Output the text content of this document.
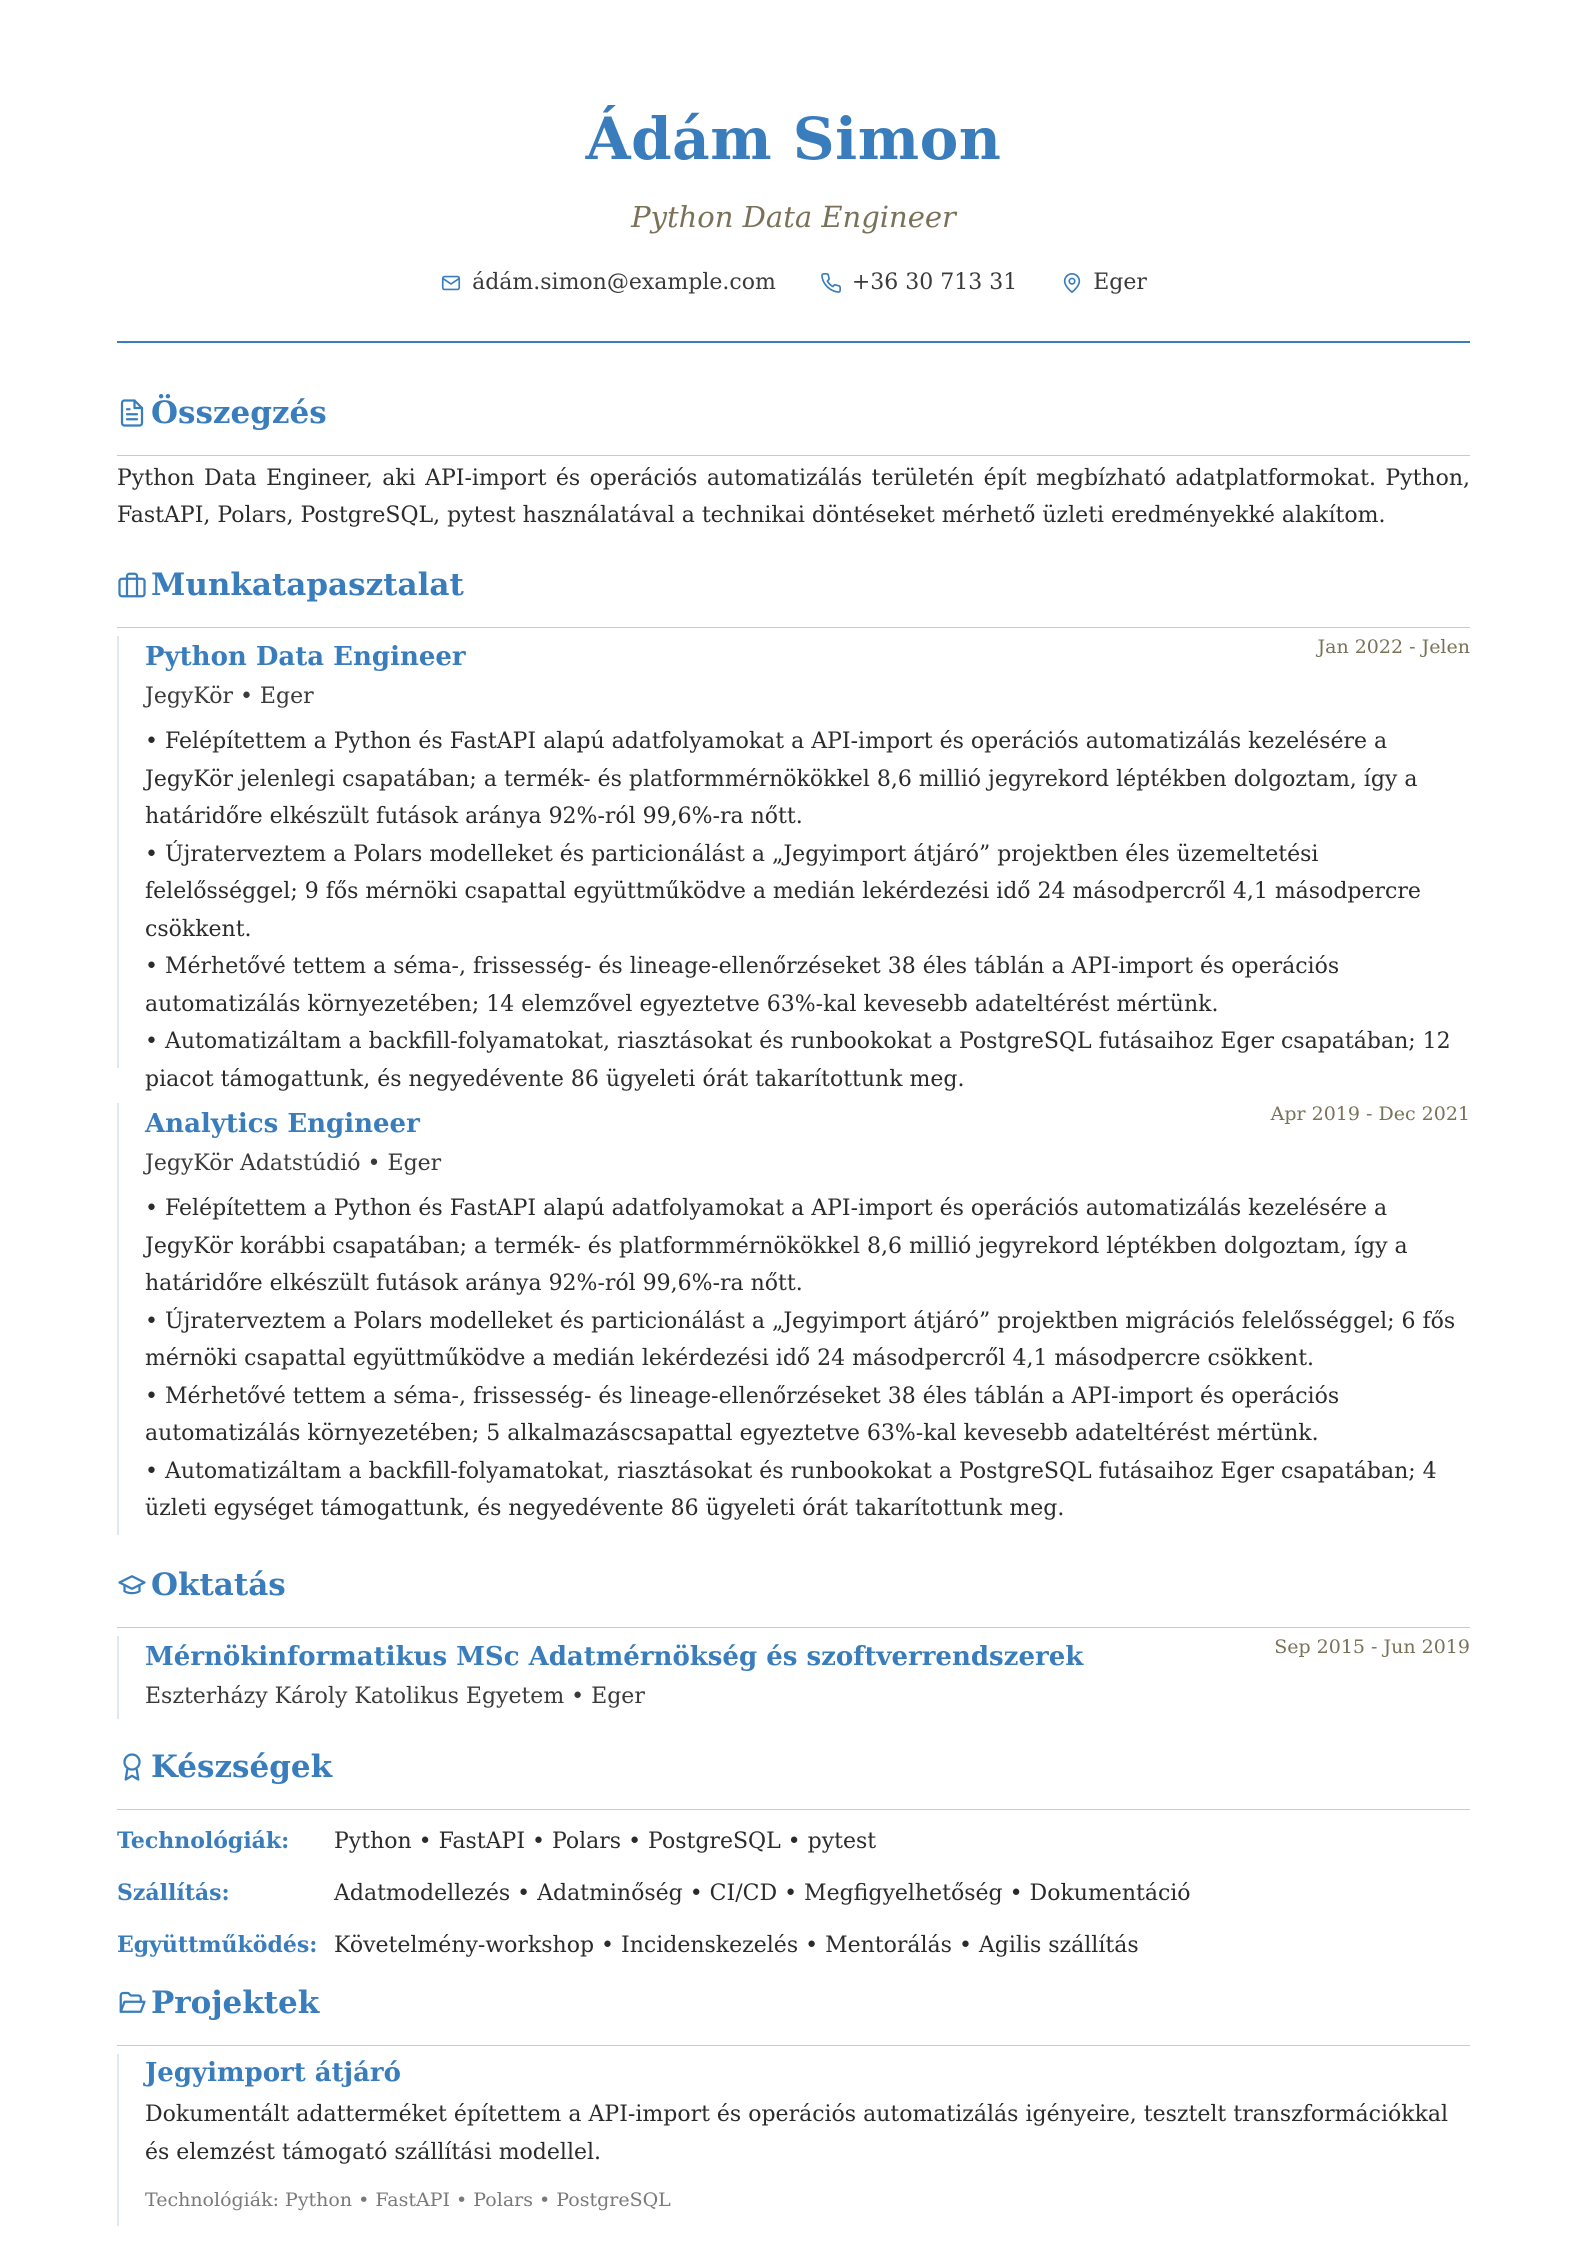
Ádám Simon
Python Data Engineer
ádám.simon@example.com	+36 30 713 31	Eger
Összegzés
Python Data Engineer, aki API-import és operációs automatizálás területén épít megbízható adatplatformokat. Python, FastAPI, Polars, PostgreSQL, pytest használatával a technikai döntéseket mérhető üzleti eredményekké alakítom.
Munkatapasztalat
Jan 2022 - Jelen
Python Data Engineer
JegyKör • Eger
• Felépítettem a Python és FastAPI alapú adatfolyamokat a API-import és operációs automatizálás kezelésére a JegyKör jelenlegi csapatában; a termék- és platformmérnökökkel 8,6 millió jegyrekord léptékben dolgoztam, így a határidőre elkészült futások aránya 92%-ról 99,6%-ra nőtt.
• Újraterveztem a Polars modelleket és particionálást a „Jegyimport átjáró” projektben éles üzemeltetési felelősséggel; 9 fős mérnöki csapattal együttműködve a medián lekérdezési idő 24 másodpercről 4,1 másodpercre csökkent.
• Mérhetővé tettem a séma-, frissesség- és lineage-ellenőrzéseket 38 éles táblán a API-import és operációs automatizálás környezetében; 14 elemzővel egyeztetve 63%-kal kevesebb adateltérést mértünk.
• Automatizáltam a backfill-folyamatokat, riasztásokat és runbookokat a PostgreSQL futásaihoz Eger csapatában; 12 piacot támogattunk, és negyedévente 86 ügyeleti órát takarítottunk meg.
Apr 2019 - Dec 2021
Analytics Engineer
JegyKör Adatstúdió • Eger
• Felépítettem a Python és FastAPI alapú adatfolyamokat a API-import és operációs automatizálás kezelésére a JegyKör korábbi csapatában; a termék- és platformmérnökökkel 8,6 millió jegyrekord léptékben dolgoztam, így a határidőre elkészült futások aránya 92%-ról 99,6%-ra nőtt.
• Újraterveztem a Polars modelleket és particionálást a „Jegyimport átjáró” projektben migrációs felelősséggel; 6 fős mérnöki csapattal együttműködve a medián lekérdezési idő 24 másodpercről 4,1 másodpercre csökkent.
• Mérhetővé tettem a séma-, frissesség- és lineage-ellenőrzéseket 38 éles táblán a API-import és operációs automatizálás környezetében; 5 alkalmazáscsapattal egyeztetve 63%-kal kevesebb adateltérést mértünk.
• Automatizáltam a backfill-folyamatokat, riasztásokat és runbookokat a PostgreSQL futásaihoz Eger csapatában; 4 üzleti egységet támogattunk, és negyedévente 86 ügyeleti órát takarítottunk meg.
Oktatás
Sep 2015 - Jun 2019
Mérnökinformatikus MSc Adatmérnökség és szoftverrendszerek
Eszterházy Károly Katolikus Egyetem • Eger
Készségek
Technológiák:	Python • FastAPI • Polars • PostgreSQL • pytest
Szállítás:	Adatmodellezés • Adatminőség • CI/CD • Megfigyelhetőség • Dokumentáció
Együttműködés: Követelmény-workshop • Incidenskezelés • Mentorálás • Agilis szállítás
Projektek
Jegyimport átjáró
Dokumentált adatterméket építettem a API-import és operációs automatizálás igényeire, tesztelt transzformációkkal és elemzést támogató szállítási modellel.
Technológiák: Python • FastAPI • Polars • PostgreSQL
